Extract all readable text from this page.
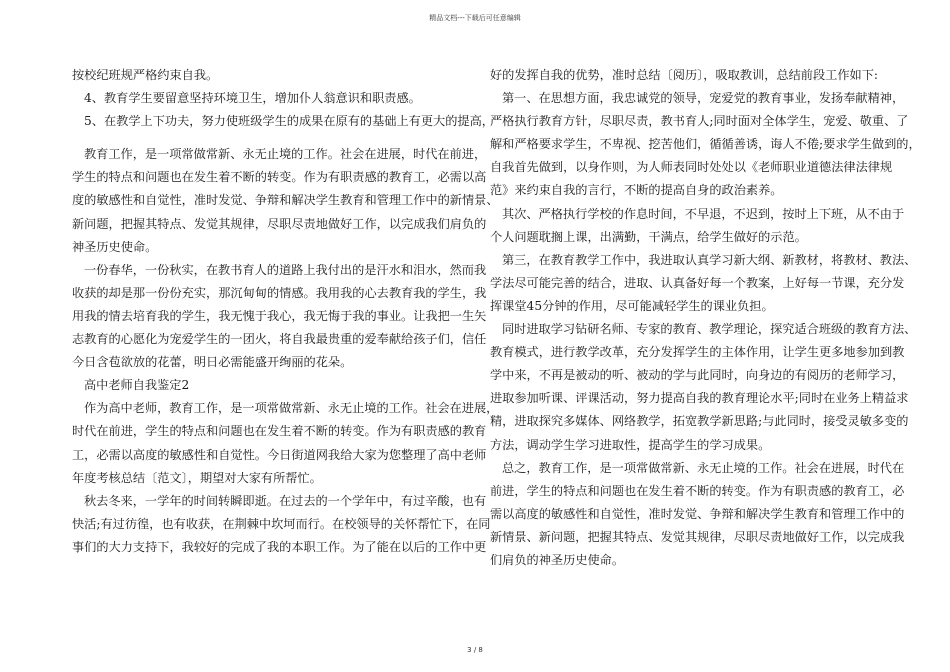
精品文档---下载后可任意编辑

按校纪班规严格约束自我。

4、教育学生要留意坚持环境卫生，增加仆人翁意识和职责感。

5、在教学上下功夫，努力使班级学生的成果在原有的基础上有更大的提高，

教育工作，是一项常做常新、永无止境的工作。社会在进展，时代在前进，

学生的特点和问题也在发生着不断的转变。作为有职责感的教育工，必需以高

度的敏感性和自觉性，准时发觉、争辩和解决学生教育和管理工作中的新情景、

新问题，把握其特点、发觉其规律，尽职尽责地做好工作，以完成我们肩负的

神圣历史使命。

一份春华，一份秋实，在教书育人的道路上我付出的是汗水和泪水，然而我

收获的却是那一份份充实，那沉甸甸的情感。我用我的心去教育我的学生，我

用我的情去培育我的学生，我无愧于我心，我无悔于我的事业。让我把一生矢

志教育的心愿化为宠爱学生的一团火，将自我最贵重的爱奉献给孩子们，信任

今日含苞欲放的花蕾，明日必需能盛开绚丽的花朵。

高中老师自我鉴定2

作为高中老师，教育工作，是一项常做常新、永无止境的工作。社会在进展，

时代在前进，学生的特点和问题也在发生着不断的转变。作为有职责感的教育

工，必需以高度的敏感性和自觉性。今日街道网我给大家为您整理了高中老师

年度考核总结〔范文〕，期望对大家有所帮忙。

秋去冬来，一学年的时间转瞬即逝。在过去的一个学年中，有过辛酸，也有

快活;有过彷徨，也有收获，在荆棘中坎坷而行。在校领导的关怀帮忙下，在同

事们的大力支持下，我较好的完成了我的本职工作。为了能在以后的工作中更

好的发挥自我的优势，准时总结〔阅历〕，吸取教训，总结前段工作如下:

第一、在思想方面，我忠诚党的领导，宠爱党的教育事业，发扬奉献精神，

严格执行教育方针，尽职尽责，教书育人;同时面对全体学生，宠爱、敬重、了

解和严格要求学生，不卑视、挖苦他们，循循善诱，诲人不倦;要求学生做到的，

自我首先做到，以身作则，为人师表同时处处以《老师职业道德法律法律规

范》来约束自我的言行，不断的提高自身的政治素养。

其次、严格执行学校的作息时间，不早退，不迟到，按时上下班，从不由于

个人问题耽搁上课，出满勤，干满点，给学生做好的示范。

第三，在教育教学工作中，我进取认真学习新大纲、新教材，将教材、教法、

学法尽可能完善的结合，进取、认真备好每一个教案，上好每一节课，充分发

挥课堂45分钟的作用，尽可能减轻学生的课业负担。

同时进取学习钻研名师、专家的教育、教学理论，探究适合班级的教育方法、

教育模式，进行教学改革，充分发挥学生的主体作用，让学生更多地参加到教

学中来，不再是被动的听、被动的学与此同时，向身边的有阅历的老师学习，

进取参加听课、评课活动，努力提高自我的教育理论水平;同时在业务上精益求

精，进取探究多媒体、网络教学，拓宽教学新思路;与此同时，接受灵敏多变的

方法，调动学生学习进取性，提高学生的学习成果。

总之，教育工作，是一项常做常新、永无止境的工作。社会在进展，时代在

前进，学生的特点和问题也在发生着不断的转变。作为有职责感的教育工，必

需以高度的敏感性和自觉性，准时发觉、争辩和解决学生教育和管理工作中的

新情景、新问题，把握其特点、发觉其规律，尽职尽责地做好工作，以完成我

们肩负的神圣历史使命。

3 / 8
